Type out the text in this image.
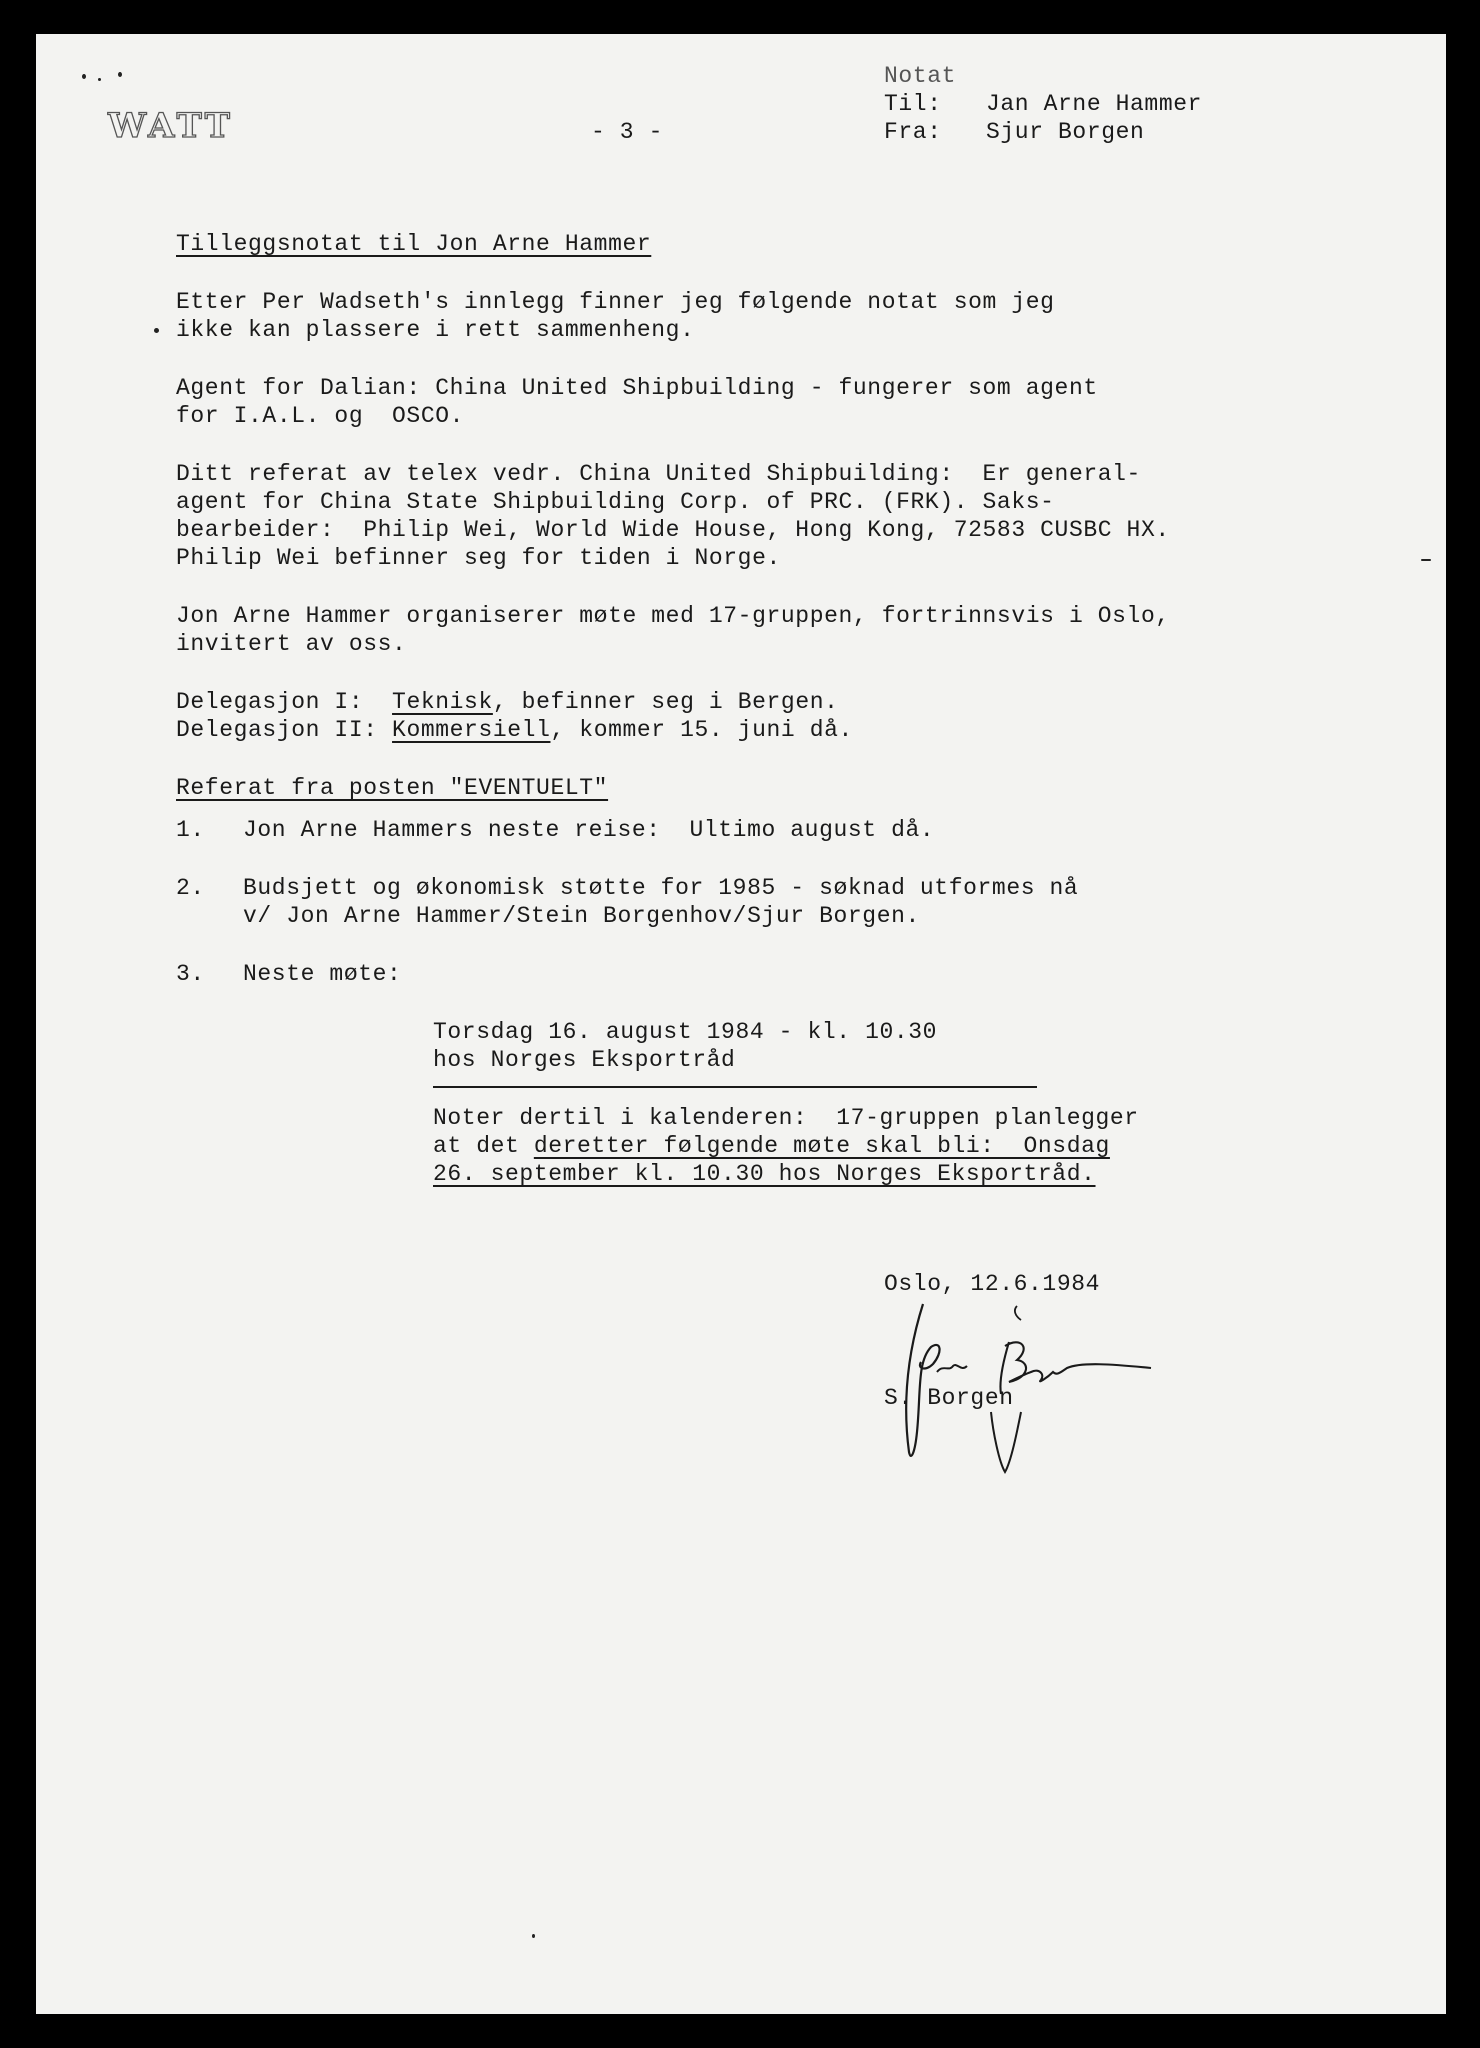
WATT	- 3 -

Notat

Til: Jan Arne Hammer

Fra: Sjur Borgen

Tilleggsnotat til Jon Arne Hammer

Etter Per Wadseth's innlegg finner jeg følgende notat som jeg

ikke kan plassere i rett sammenheng.

Agent for Dalian: China United Shipbuilding - fungerer som agent

for I.A.L. og  OSCO.

Ditt referat av telex vedr. China United Shipbuilding:  Er general-

agent for China State Shipbuilding Corp. of PRC. (FRK). Saks-

bearbeider:  Philip Wei, World Wide House, Hong Kong, 72583 CUSBC HX.

Philip Wei befinner seg for tiden i Norge.

Jon Arne Hammer organiserer møte med 17-gruppen, fortrinnsvis i Oslo,

invitert av oss.

Delegasjon I:  Teknisk, befinner seg i Bergen.

Delegasjon II: Kommersiell, kommer 15. juni då.

Referat fra posten "EVENTUELT"

1. Jon Arne Hammers neste reise:  Ultimo august då.

2. Budsjett og økonomisk støtte for 1985 - søknad utformes nå

v/ Jon Arne Hammer/Stein Borgenhov/Sjur Borgen.

3. Neste møte:

Torsdag 16. august 1984 - kl. 10.30

hos Norges Eksportråd

Noter dertil i kalenderen:  17-gruppen planlegger

at det deretter følgende møte skal bli:  Onsdag

26. september kl. 10.30 hos Norges Eksportråd.

Oslo, 12.6.1984

S. Borgen
